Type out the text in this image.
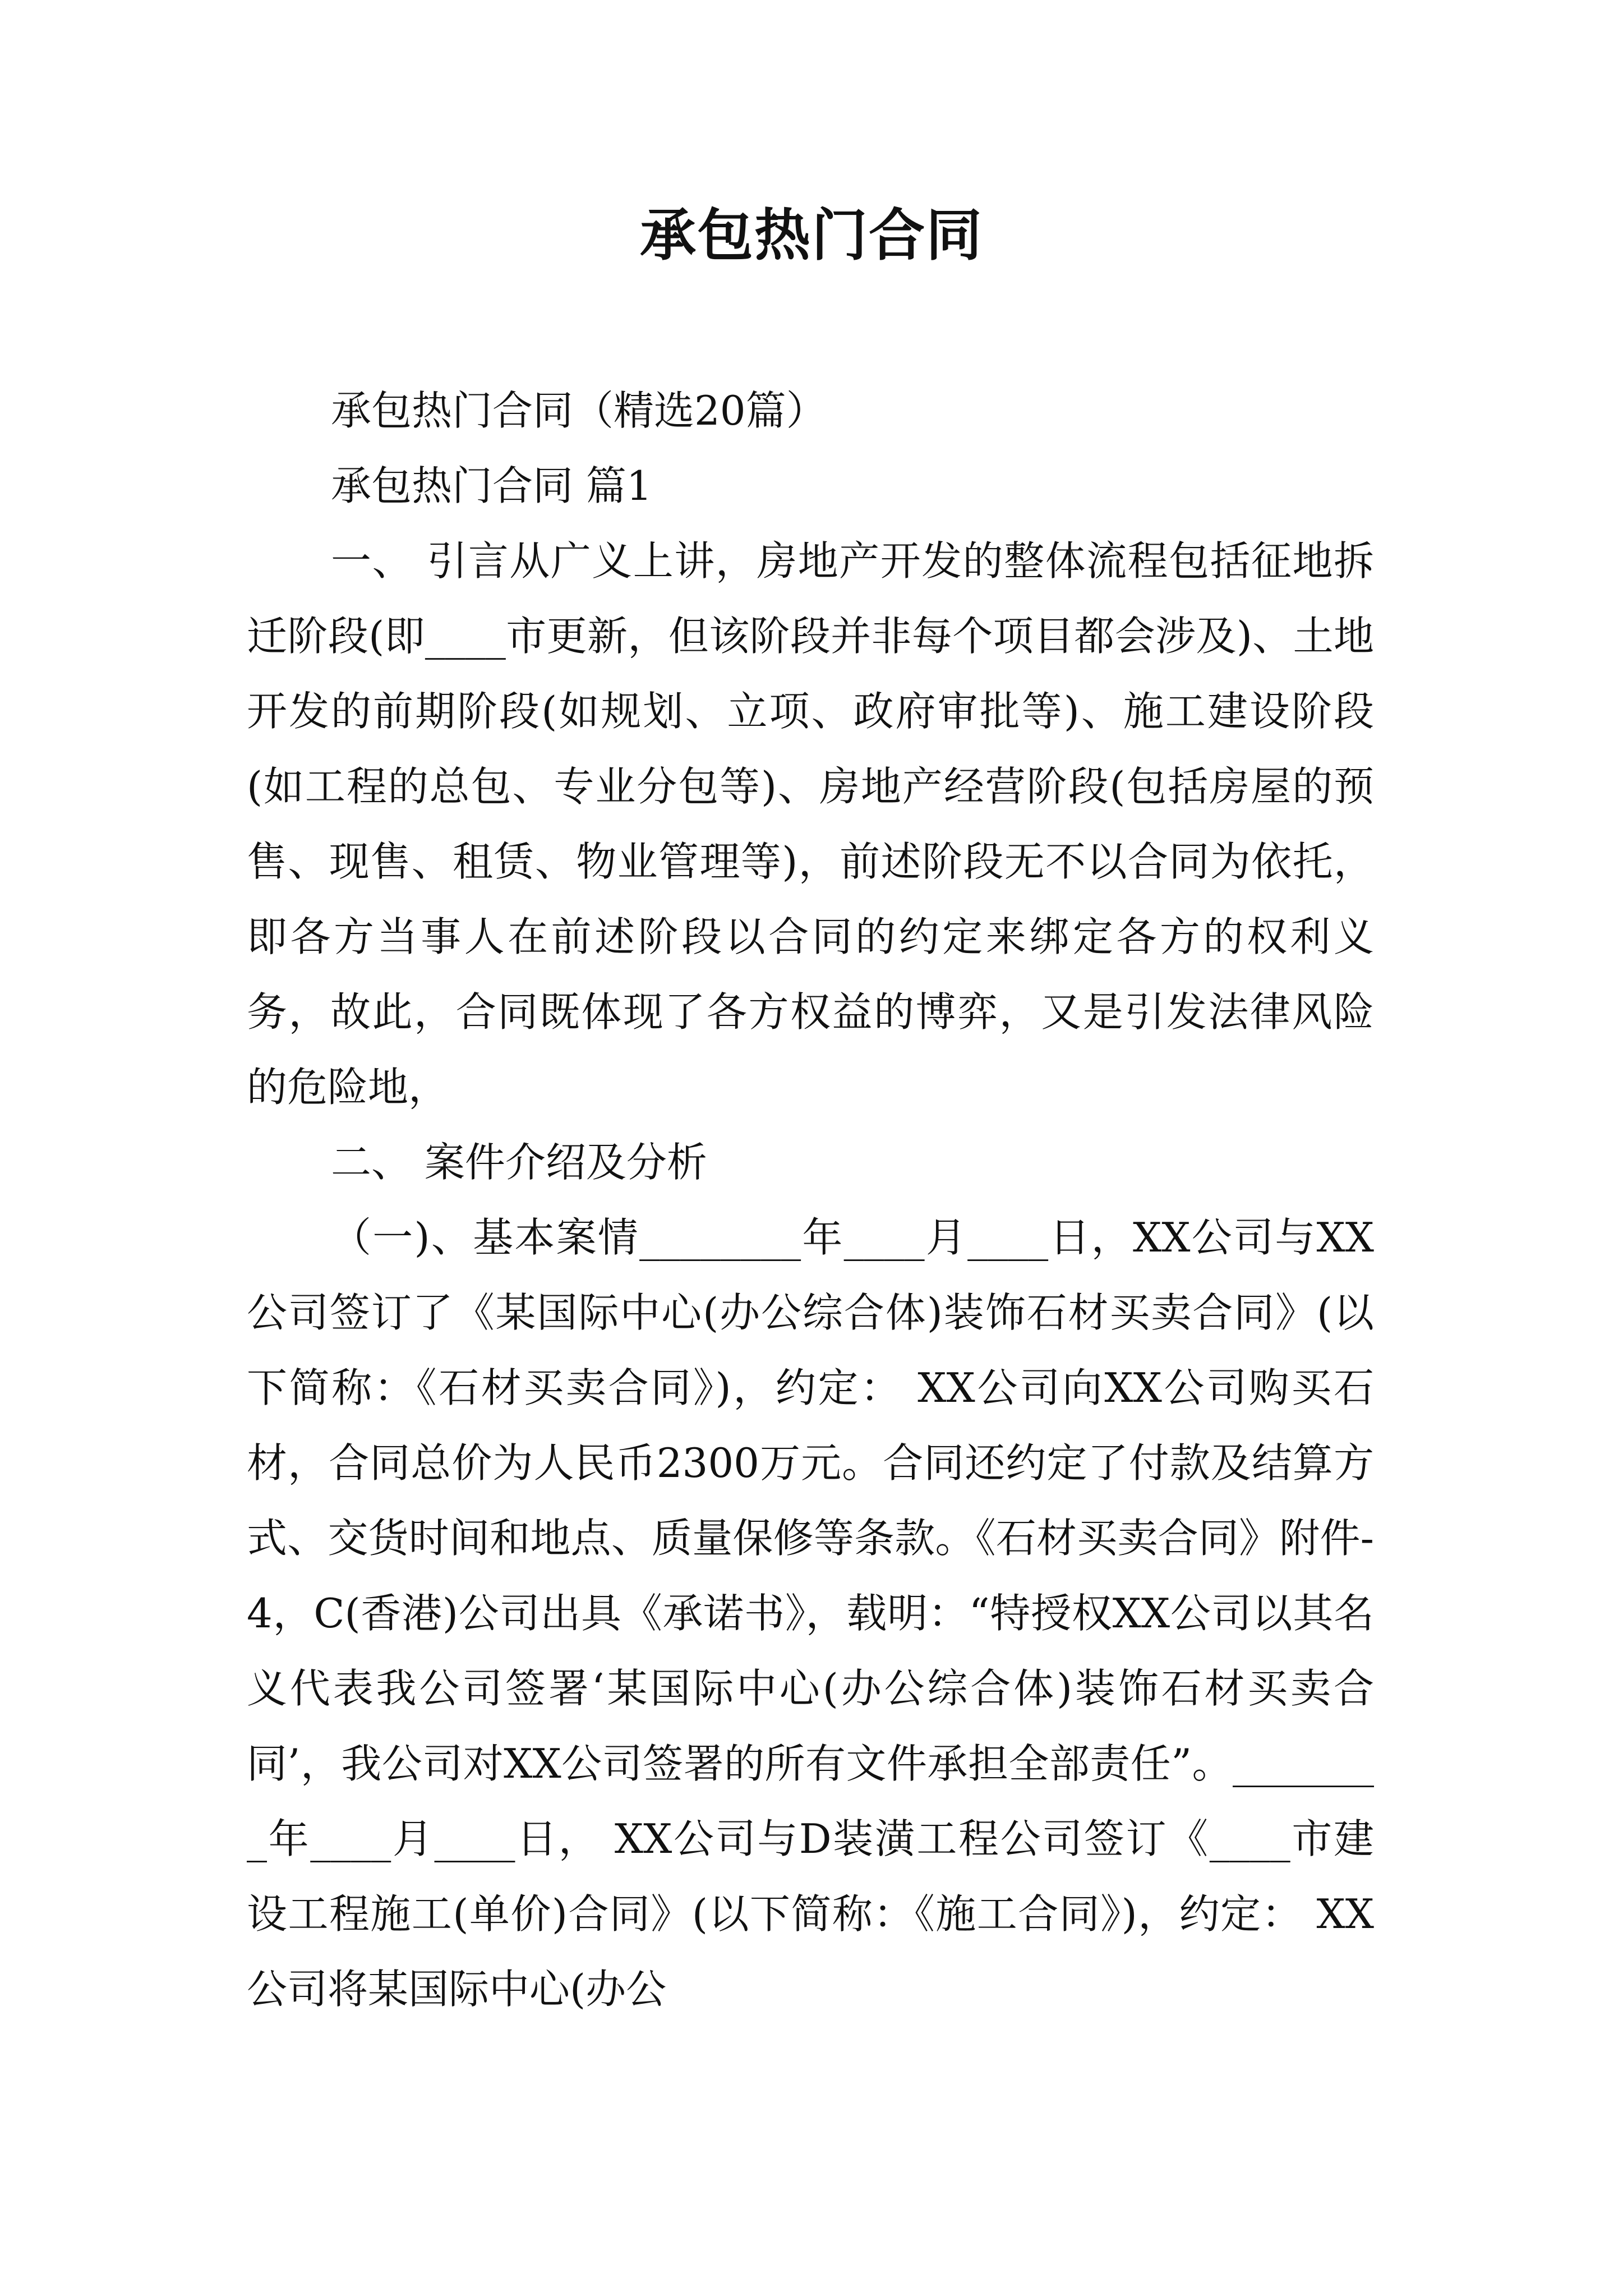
承包热门合同

承包热门合同（精选20篇）

承包热门合同 篇1

一、 引言从广义上讲，房地产开发的整体流程包括征地拆迁阶段(即____市更新，但该阶段并非每个项目都会涉及)、土地开发的前期阶段(如规划、立项、政府审批等)、施工建设阶段(如工程的总包、专业分包等)、房地产经营阶段(包括房屋的预售、现售、租赁、物业管理等)，前述阶段无不以合同为依托，即各方当事人在前述阶段以合同的约定来绑定各方的权利义务，故此，合同既体现了各方权益的博弈，又是引发法律风险的危险地，

二、 案件介绍及分析

（一)、基本案情________年____月____日，XX公司与XX公司签订了《某国际中心(办公综合体)装饰石材买卖合同》(以下简称：《石材买卖合同》)，约定： XX公司向XX公司购买石材，合同总价为人民币2300万元。合同还约定了付款及结算方式、交货时间和地点、质量保修等条款。《石材买卖合同》附件-4，C(香港)公司出具《承诺书》，载明：“特授权XX公司以其名义代表我公司签署‘某国际中心(办公综合体)装饰石材买卖合同’，我公司对XX公司签署的所有文件承担全部责任”。________年____月____日， XX公司与D装潢工程公司签订《____市建设工程施工(单价)合同》(以下简称：《施工合同》)，约定： XX公司将某国际中心(办公
